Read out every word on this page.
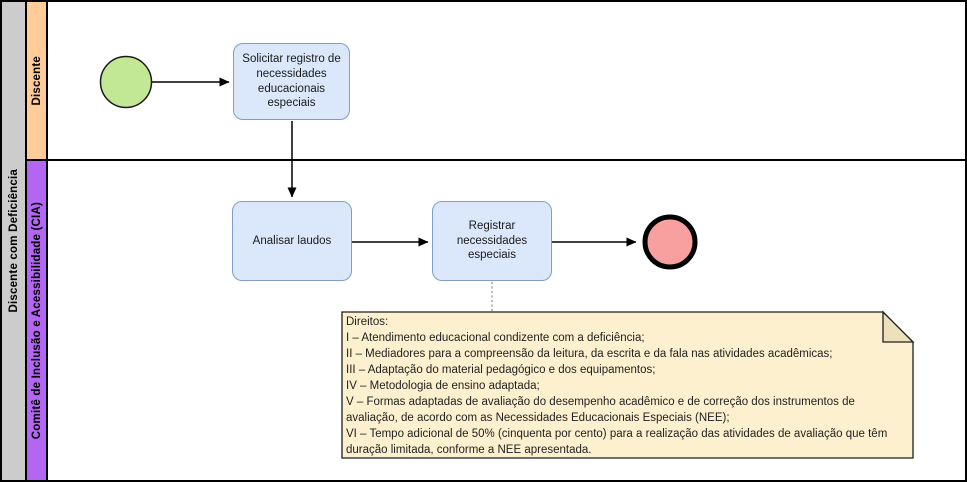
Discente com Deficiência
Discente
Comitê de Inclusão e Acessibilidade (CIA)
Solicitar registro de necessidades educacionais especiais
Analisar laudos
Registrar necessidades especiais
Direitos:
I – Atendimento educacional condizente com a deficiência;
II – Mediadores para a compreensão da leitura, da escrita e da fala nas atividades acadêmicas;
III – Adaptação do material pedagógico e dos equipamentos;
IV – Metodologia de ensino adaptada;
V – Formas adaptadas de avaliação do desempenho acadêmico e de correção dos instrumentos de
avaliação, de acordo com as Necessidades Educacionais Especiais (NEE);
VI – Tempo adicional de 50% (cinquenta por cento) para a realização das atividades de avaliação que têm
duração limitada, conforme a NEE apresentada.
